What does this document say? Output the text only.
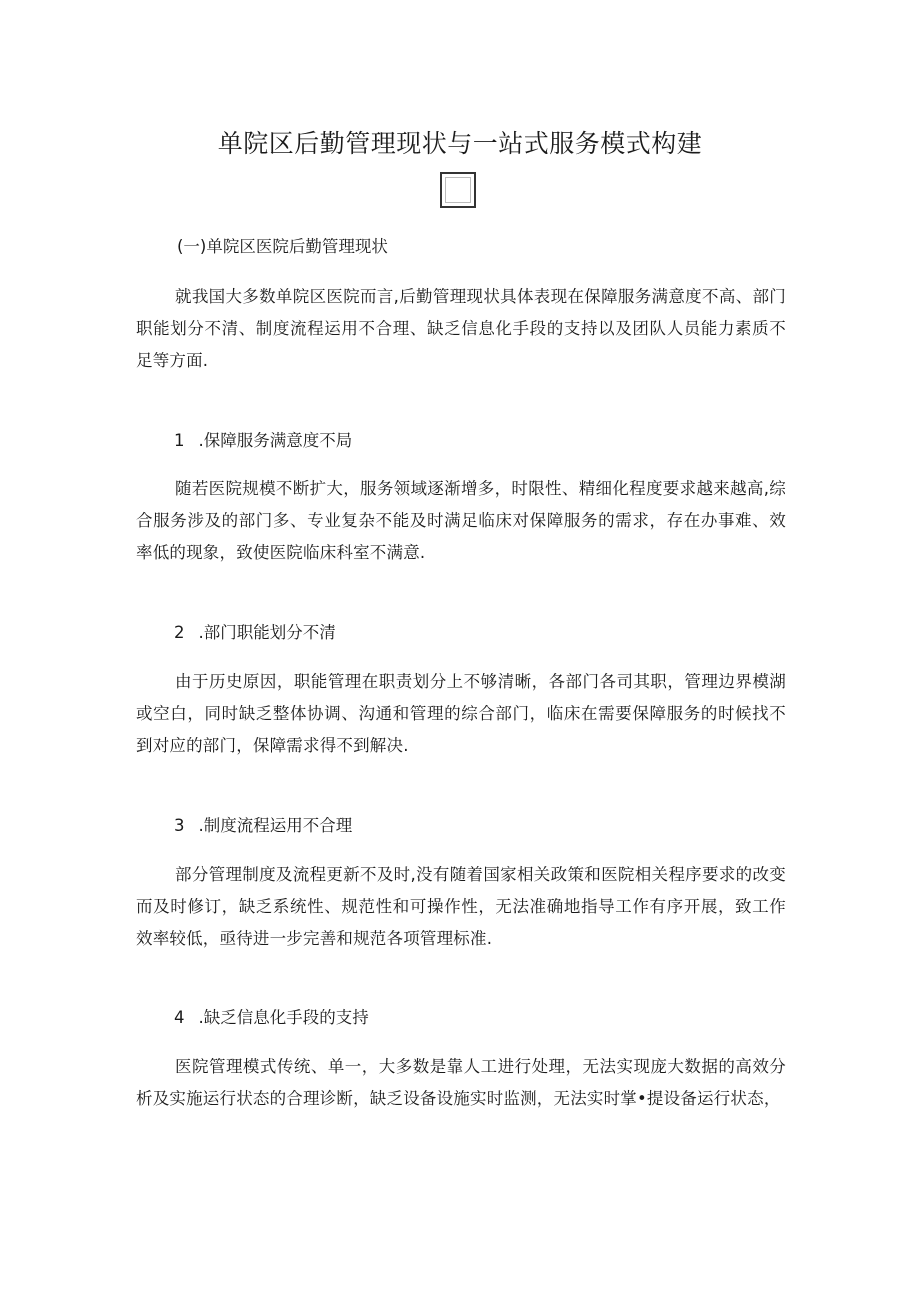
单院区后勤管理现状与一站式服务模式构建

(一)单院区医院后勤管理现状

就我国大多数单院区医院而言,后勤管理现状具体表现在保障服务满意度不高、部门职能划分不清、制度流程运用不合理、缺乏信息化手段的支持以及团队人员能力素质不足等方面.

1 .保障服务满意度不局

随若医院规模不断扩大，服务领域逐渐增多，时限性、精细化程度要求越来越高,综合服务涉及的部门多、专业复杂不能及时满足临床对保障服务的需求，存在办事难、效率低的现象，致使医院临床科室不满意.

2 .部门职能划分不清

由于历史原因，职能管理在职责划分上不够清晰，各部门各司其职，管理边界模湖或空白，同时缺乏整体协调、沟通和管理的综合部门，临床在需要保障服务的时候找不到对应的部门，保障需求得不到解决.

3 .制度流程运用不合理

部分管理制度及流程更新不及时,没有随着国家相关政策和医院相关程序要求的改变而及时修订，缺乏系统性、规范性和可操作性，无法准确地指导工作有序开展，致工作效率较低，亟待进一步完善和规范各项管理标准.

4 .缺乏信息化手段的支持

医院管理模式传统、单一，大多数是靠人工进行处理，无法实现庞大数据的高效分析及实施运行状态的合理诊断，缺乏设备设施实时监测，无法实时掌•提设备运行状态，
